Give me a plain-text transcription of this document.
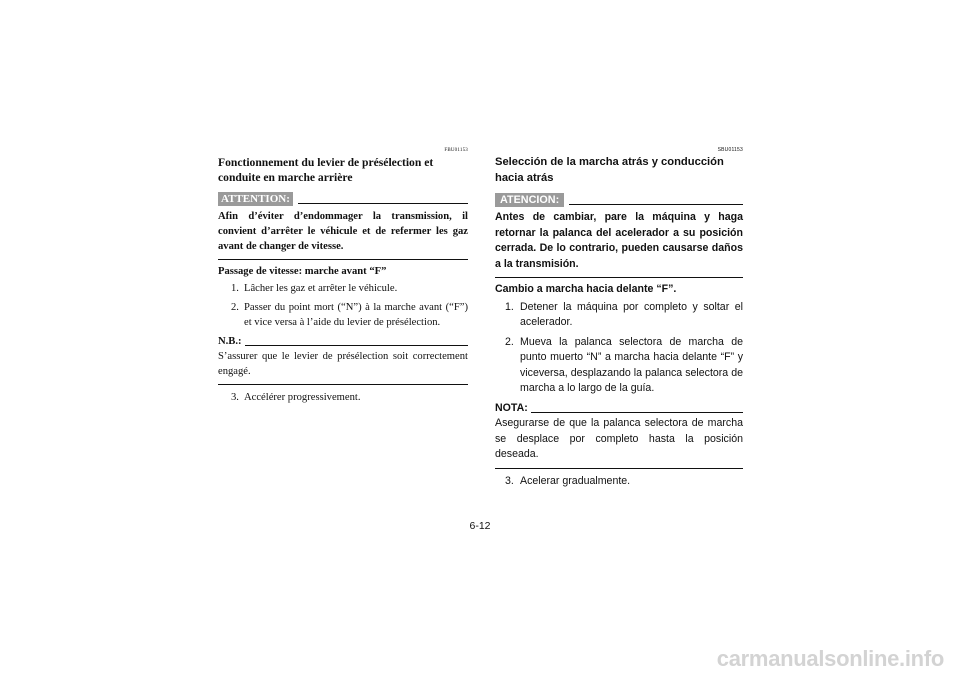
FBU01153
Fonctionnement du levier de présélection et conduite en marche arrière
ATTENTION:
Afin d’éviter d’endommager la transmission, il convient d’arrêter le véhicule et de refermer les gaz avant de changer de vitesse.
Passage de vitesse: marche avant “F”
1. Lâcher les gaz et arrêter le véhicule.
2. Passer du point mort (“N”) à la marche avant (“F”) et vice versa à l’aide du levier de présélection.
N.B.:
S’assurer que le levier de présélection soit correctement engagé.
3. Accélérer progressivement.
SBU01153
Selección de la marcha atrás y conducción hacia atrás
ATENCION:
Antes de cambiar, pare la máquina y haga retornar la palanca del acelerador a su posición cerrada. De lo contrario, pueden causarse daños a la transmisión.
Cambio a marcha hacia delante “F”.
1. Detener la máquina por completo y soltar el acelerador.
2. Mueva la palanca selectora de marcha de punto muerto “N” a marcha hacia delante “F” y viceversa, desplazando la palanca selectora de marcha a lo largo de la guía.
NOTA:
Asegurarse de que la palanca selectora de marcha se desplace por completo hasta la posición deseada.
3. Acelerar gradualmente.
6-12
carmanualsonline.info
